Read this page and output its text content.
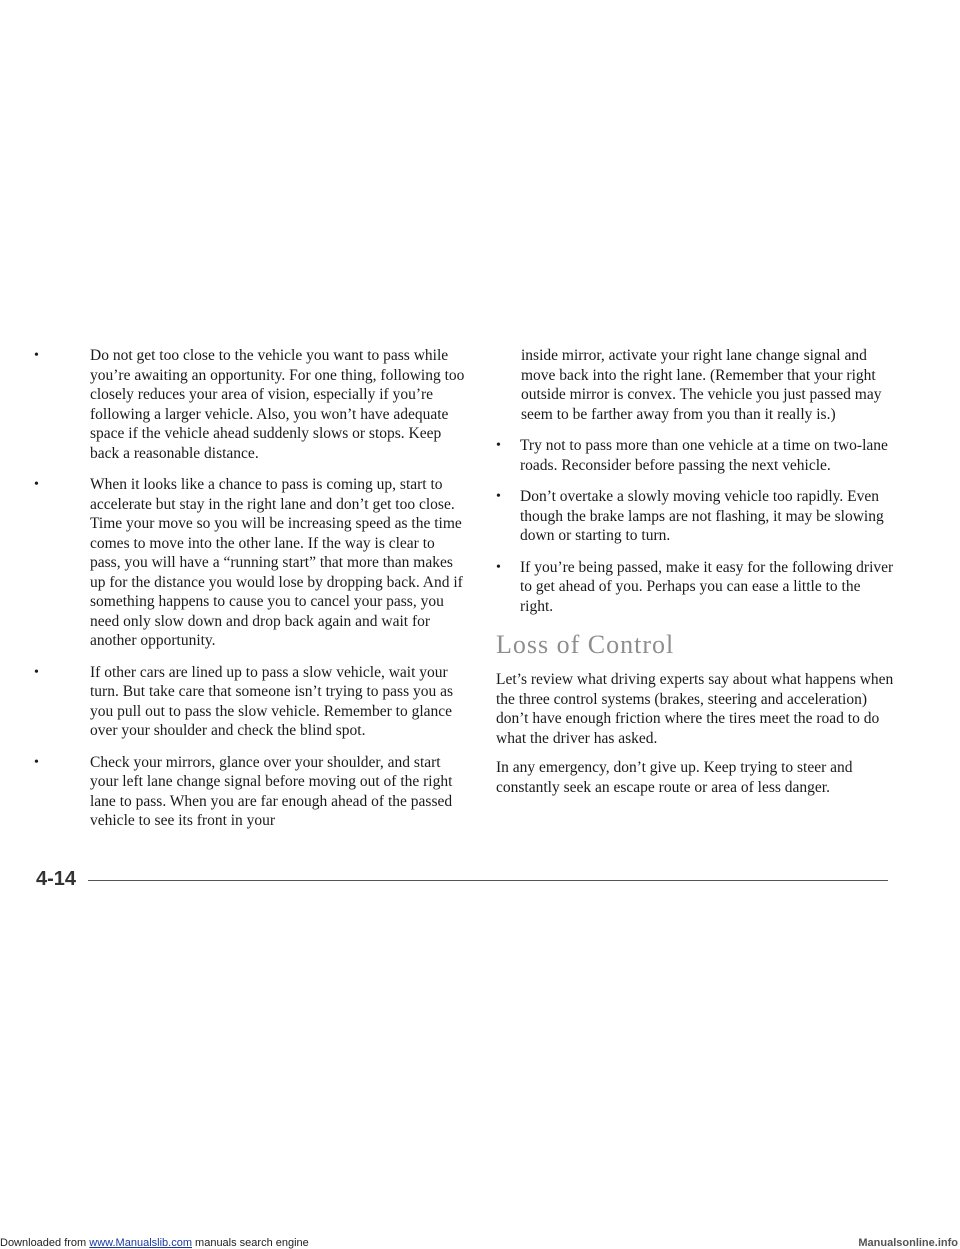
•	Do not get too close to the vehicle you want to pass while you’re awaiting an opportunity. For one thing, following too closely reduces your area of vision, especially if you’re following a larger vehicle. Also, you won’t have adequate space if the vehicle ahead suddenly slows or stops. Keep back a reasonable distance.
•	When it looks like a chance to pass is coming up, start to accelerate but stay in the right lane and don’t get too close. Time your move so you will be increasing speed as the time comes to move into the other lane. If the way is clear to pass, you will have a “running start” that more than makes up for the distance you would lose by dropping back. And if something happens to cause you to cancel your pass, you need only slow down and drop back again and wait for another opportunity.
•	If other cars are lined up to pass a slow vehicle, wait your turn. But take care that someone isn’t trying to pass you as you pull out to pass the slow vehicle. Remember to glance over your shoulder and check the blind spot.
•	Check your mirrors, glance over your shoulder, and start your left lane change signal before moving out of the right lane to pass. When you are far enough ahead of the passed vehicle to see its front in your
inside mirror, activate your right lane change signal and move back into the right lane. (Remember that your right outside mirror is convex. The vehicle you just passed may seem to be farther away from you than it really is.)
• Try not to pass more than one vehicle at a time on two-lane roads. Reconsider before passing the next vehicle.
• Don’t overtake a slowly moving vehicle too rapidly. Even though the brake lamps are not flashing, it may be slowing down or starting to turn.
• If you’re being passed, make it easy for the following driver to get ahead of you. Perhaps you can ease a little to the right.
Loss of Control

Let’s review what driving experts say about what happens when the three control systems (brakes, steering and acceleration) don’t have enough friction where the tires meet the road to do what the driver has asked.

In any emergency, don’t give up. Keep trying to steer and constantly seek an escape route or area of less danger.

4-14
Downloaded from www.Manualslib.com manuals search engine	Manualsonline.info
